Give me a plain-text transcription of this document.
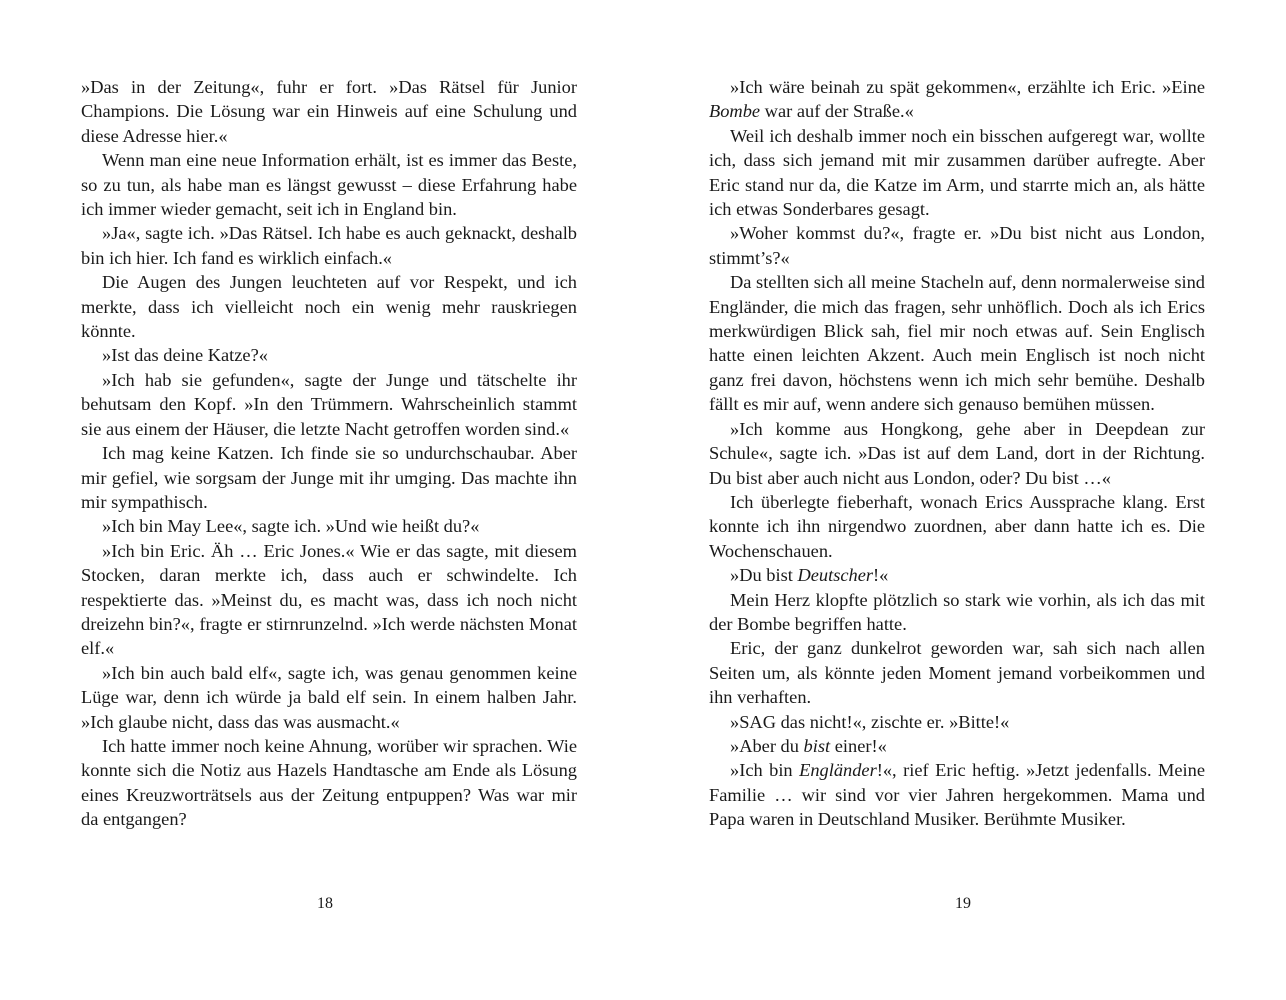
»Das in der Zeitung«, fuhr er fort. »Das Rätsel für Junior Champions. Die Lösung war ein Hinweis auf eine Schulung und diese Adresse hier.«

Wenn man eine neue Information erhält, ist es immer das Beste, so zu tun, als habe man es längst gewusst – diese Erfahrung habe ich immer wieder gemacht, seit ich in England bin.

»Ja«, sagte ich. »Das Rätsel. Ich habe es auch geknackt, deshalb bin ich hier. Ich fand es wirklich einfach.«

Die Augen des Jungen leuchteten auf vor Respekt, und ich merkte, dass ich vielleicht noch ein wenig mehr rauskriegen könnte.

»Ist das deine Katze?«

»Ich hab sie gefunden«, sagte der Junge und tätschelte ihr behutsam den Kopf. »In den Trümmern. Wahrscheinlich stammt sie aus einem der Häuser, die letzte Nacht getroffen worden sind.«

Ich mag keine Katzen. Ich finde sie so undurchschaubar. Aber mir gefiel, wie sorgsam der Junge mit ihr umging. Das machte ihn mir sympathisch.

»Ich bin May Lee«, sagte ich. »Und wie heißt du?«

»Ich bin Eric. Äh … Eric Jones.« Wie er das sagte, mit diesem Stocken, daran merkte ich, dass auch er schwindelte. Ich respektierte das. »Meinst du, es macht was, dass ich noch nicht dreizehn bin?«, fragte er stirnrunzelnd. »Ich werde nächsten Monat elf.«

»Ich bin auch bald elf«, sagte ich, was genau genommen keine Lüge war, denn ich würde ja bald elf sein. In einem halben Jahr. »Ich glaube nicht, dass das was ausmacht.«

Ich hatte immer noch keine Ahnung, worüber wir sprachen. Wie konnte sich die Notiz aus Hazels Handtasche am Ende als Lösung eines Kreuzworträtsels aus der Zeitung entpuppen? Was war mir da entgangen?

18

»Ich wäre beinah zu spät gekommen«, erzählte ich Eric. »Eine Bombe war auf der Straße.«

Weil ich deshalb immer noch ein bisschen aufgeregt war, wollte ich, dass sich jemand mit mir zusammen darüber aufregte. Aber Eric stand nur da, die Katze im Arm, und starrte mich an, als hätte ich etwas Sonderbares gesagt.

»Woher kommst du?«, fragte er. »Du bist nicht aus London, stimmt’s?«

Da stellten sich all meine Stacheln auf, denn normalerweise sind Engländer, die mich das fragen, sehr unhöflich. Doch als ich Erics merkwürdigen Blick sah, fiel mir noch etwas auf. Sein Englisch hatte einen leichten Akzent. Auch mein Englisch ist noch nicht ganz frei davon, höchstens wenn ich mich sehr bemühe. Deshalb fällt es mir auf, wenn andere sich genauso bemühen müssen.

»Ich komme aus Hongkong, gehe aber in Deepdean zur Schule«, sagte ich. »Das ist auf dem Land, dort in der Richtung. Du bist aber auch nicht aus London, oder? Du bist …«

Ich überlegte fieberhaft, wonach Erics Aussprache klang. Erst konnte ich ihn nirgendwo zuordnen, aber dann hatte ich es. Die Wochenschauen.

»Du bist Deutscher!«

Mein Herz klopfte plötzlich so stark wie vorhin, als ich das mit der Bombe begriffen hatte.

Eric, der ganz dunkelrot geworden war, sah sich nach allen Seiten um, als könnte jeden Moment jemand vorbeikommen und ihn verhaften.

»SAG das nicht!«, zischte er. »Bitte!«

»Aber du bist einer!«

»Ich bin Engländer!«, rief Eric heftig. »Jetzt jedenfalls. Meine Familie … wir sind vor vier Jahren hergekommen. Mama und Papa waren in Deutschland Musiker. Berühmte Musiker.

19
